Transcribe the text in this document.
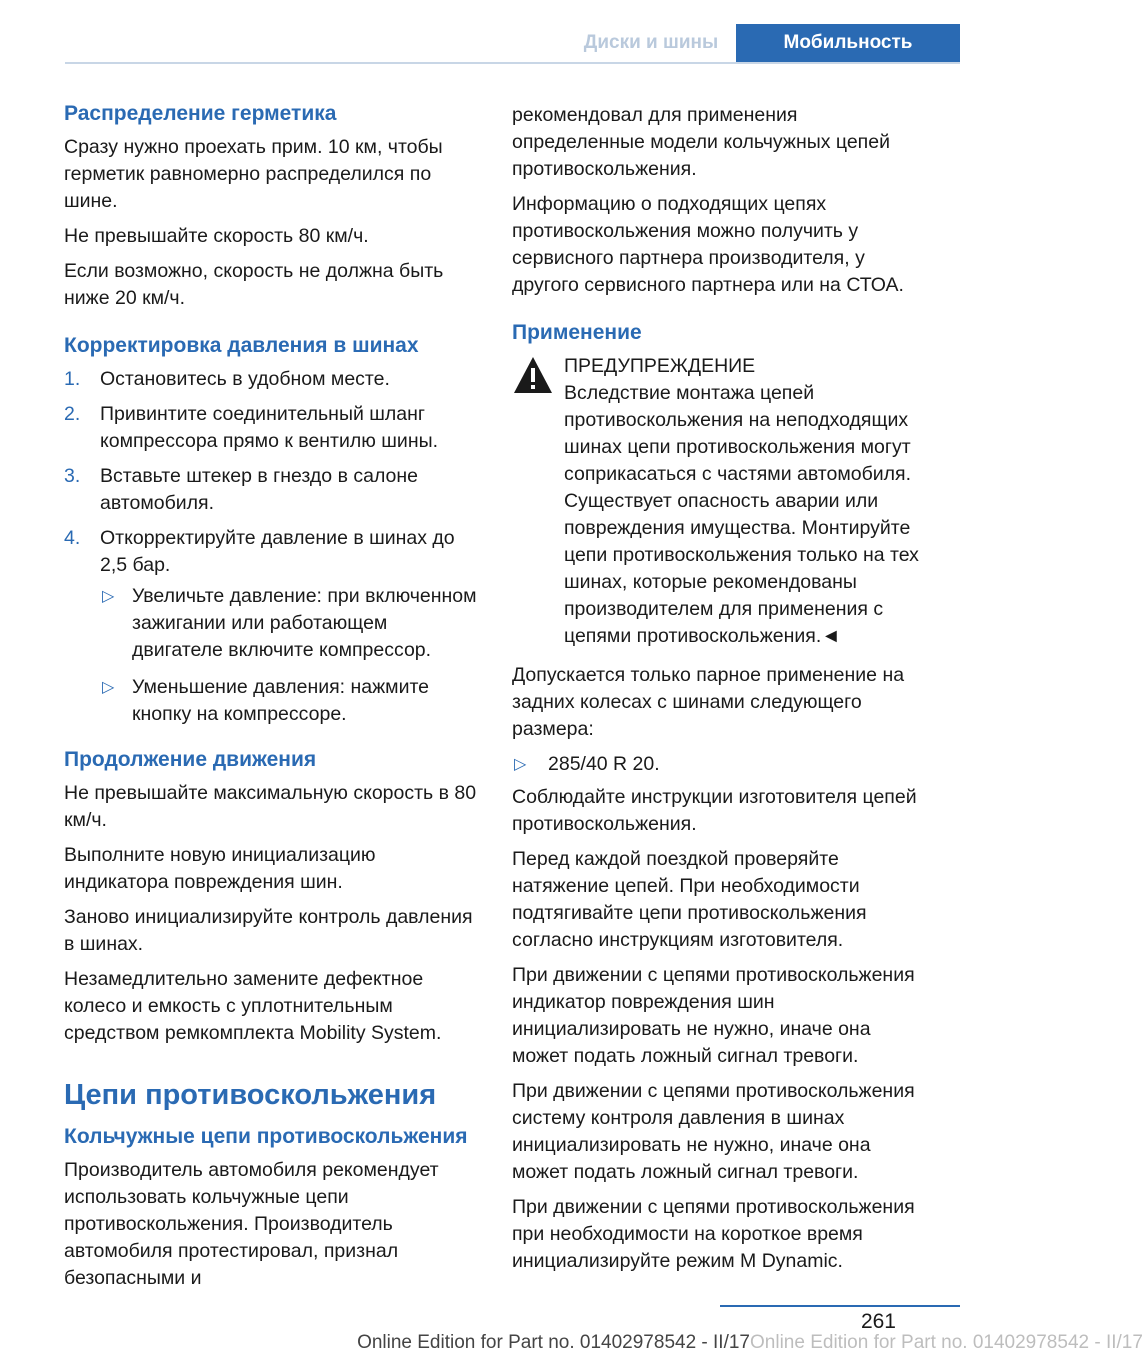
Диски и шины	Мобильность
Распределение герметика

Сразу нужно проехать прим. 10 км, чтобы герметик равномерно распределился по шине.

Не превышайте скорость 80 км/ч.

Если возможно, скорость не должна быть ниже 20 км/ч.

Корректировка давления в шинах
1. Остановитесь в удобном месте.
2. Привинтите соединительный шланг компрессора прямо к вентилю шины.
3. Вставьте штекер в гнездо в салоне автомобиля.
4. Откорректируйте давление в шинах до 2,5 бар.
▷ Увеличьте давление: при включенном зажигании или работающем двигателе включите компрессор.
▷ Уменьшение давления: нажмите кнопку на компрессоре.
Продолжение движения

Не превышайте максимальную скорость в 80 км/ч.

Выполните новую инициализацию индикатора повреждения шин.

Заново инициализируйте контроль давления в шинах.

Незамедлительно замените дефектное колесо и емкость с уплотнительным средством ремкомплекта Mobility System.

Цепи противоскольжения
Кольчужные цепи противоскольжения

Производитель автомобиля рекомендует использовать кольчужные цепи противоскольжения. Производитель автомобиля протестировал, признал безопасными и

рекомендовал для применения определенные модели кольчужных цепей противоскольжения.

Информацию о подходящих цепях противоскольжения можно получить у сервисного партнера производителя, у другого сервисного партнера или на СТОА.

Применение

ПРЕДУПРЕЖДЕНИЕ

Вследствие монтажа цепей противоскольжения на неподходящих шинах цепи противоскольжения могут соприкасаться с частями автомобиля. Существует опасность аварии или повреждения имущества. Монтируйте цепи противоскольжения только на тех шинах, которые рекомендованы производителем для применения с цепями противоскольжения.◄

Допускается только парное применение на задних колесах с шинами следующего размера:

▷ 285/40 R 20.

Соблюдайте инструкции изготовителя цепей противоскольжения.

Перед каждой поездкой проверяйте натяжение цепей. При необходимости подтягивайте цепи противоскольжения согласно инструкциям изготовителя.

При движении с цепями противоскольжения индикатор повреждения шин инициализировать не нужно, иначе она может подать ложный сигнал тревоги.

При движении с цепями противоскольжения систему контроля давления в шинах инициализировать не нужно, иначе она может подать ложный сигнал тревоги.

При движении с цепями противоскольжения при необходимости на короткое время инициализируйте режим M Dynamic.

261
Online Edition for Part no. 01402978542 - II/17 Online Edition for Part no. 01402978542 - II/17
